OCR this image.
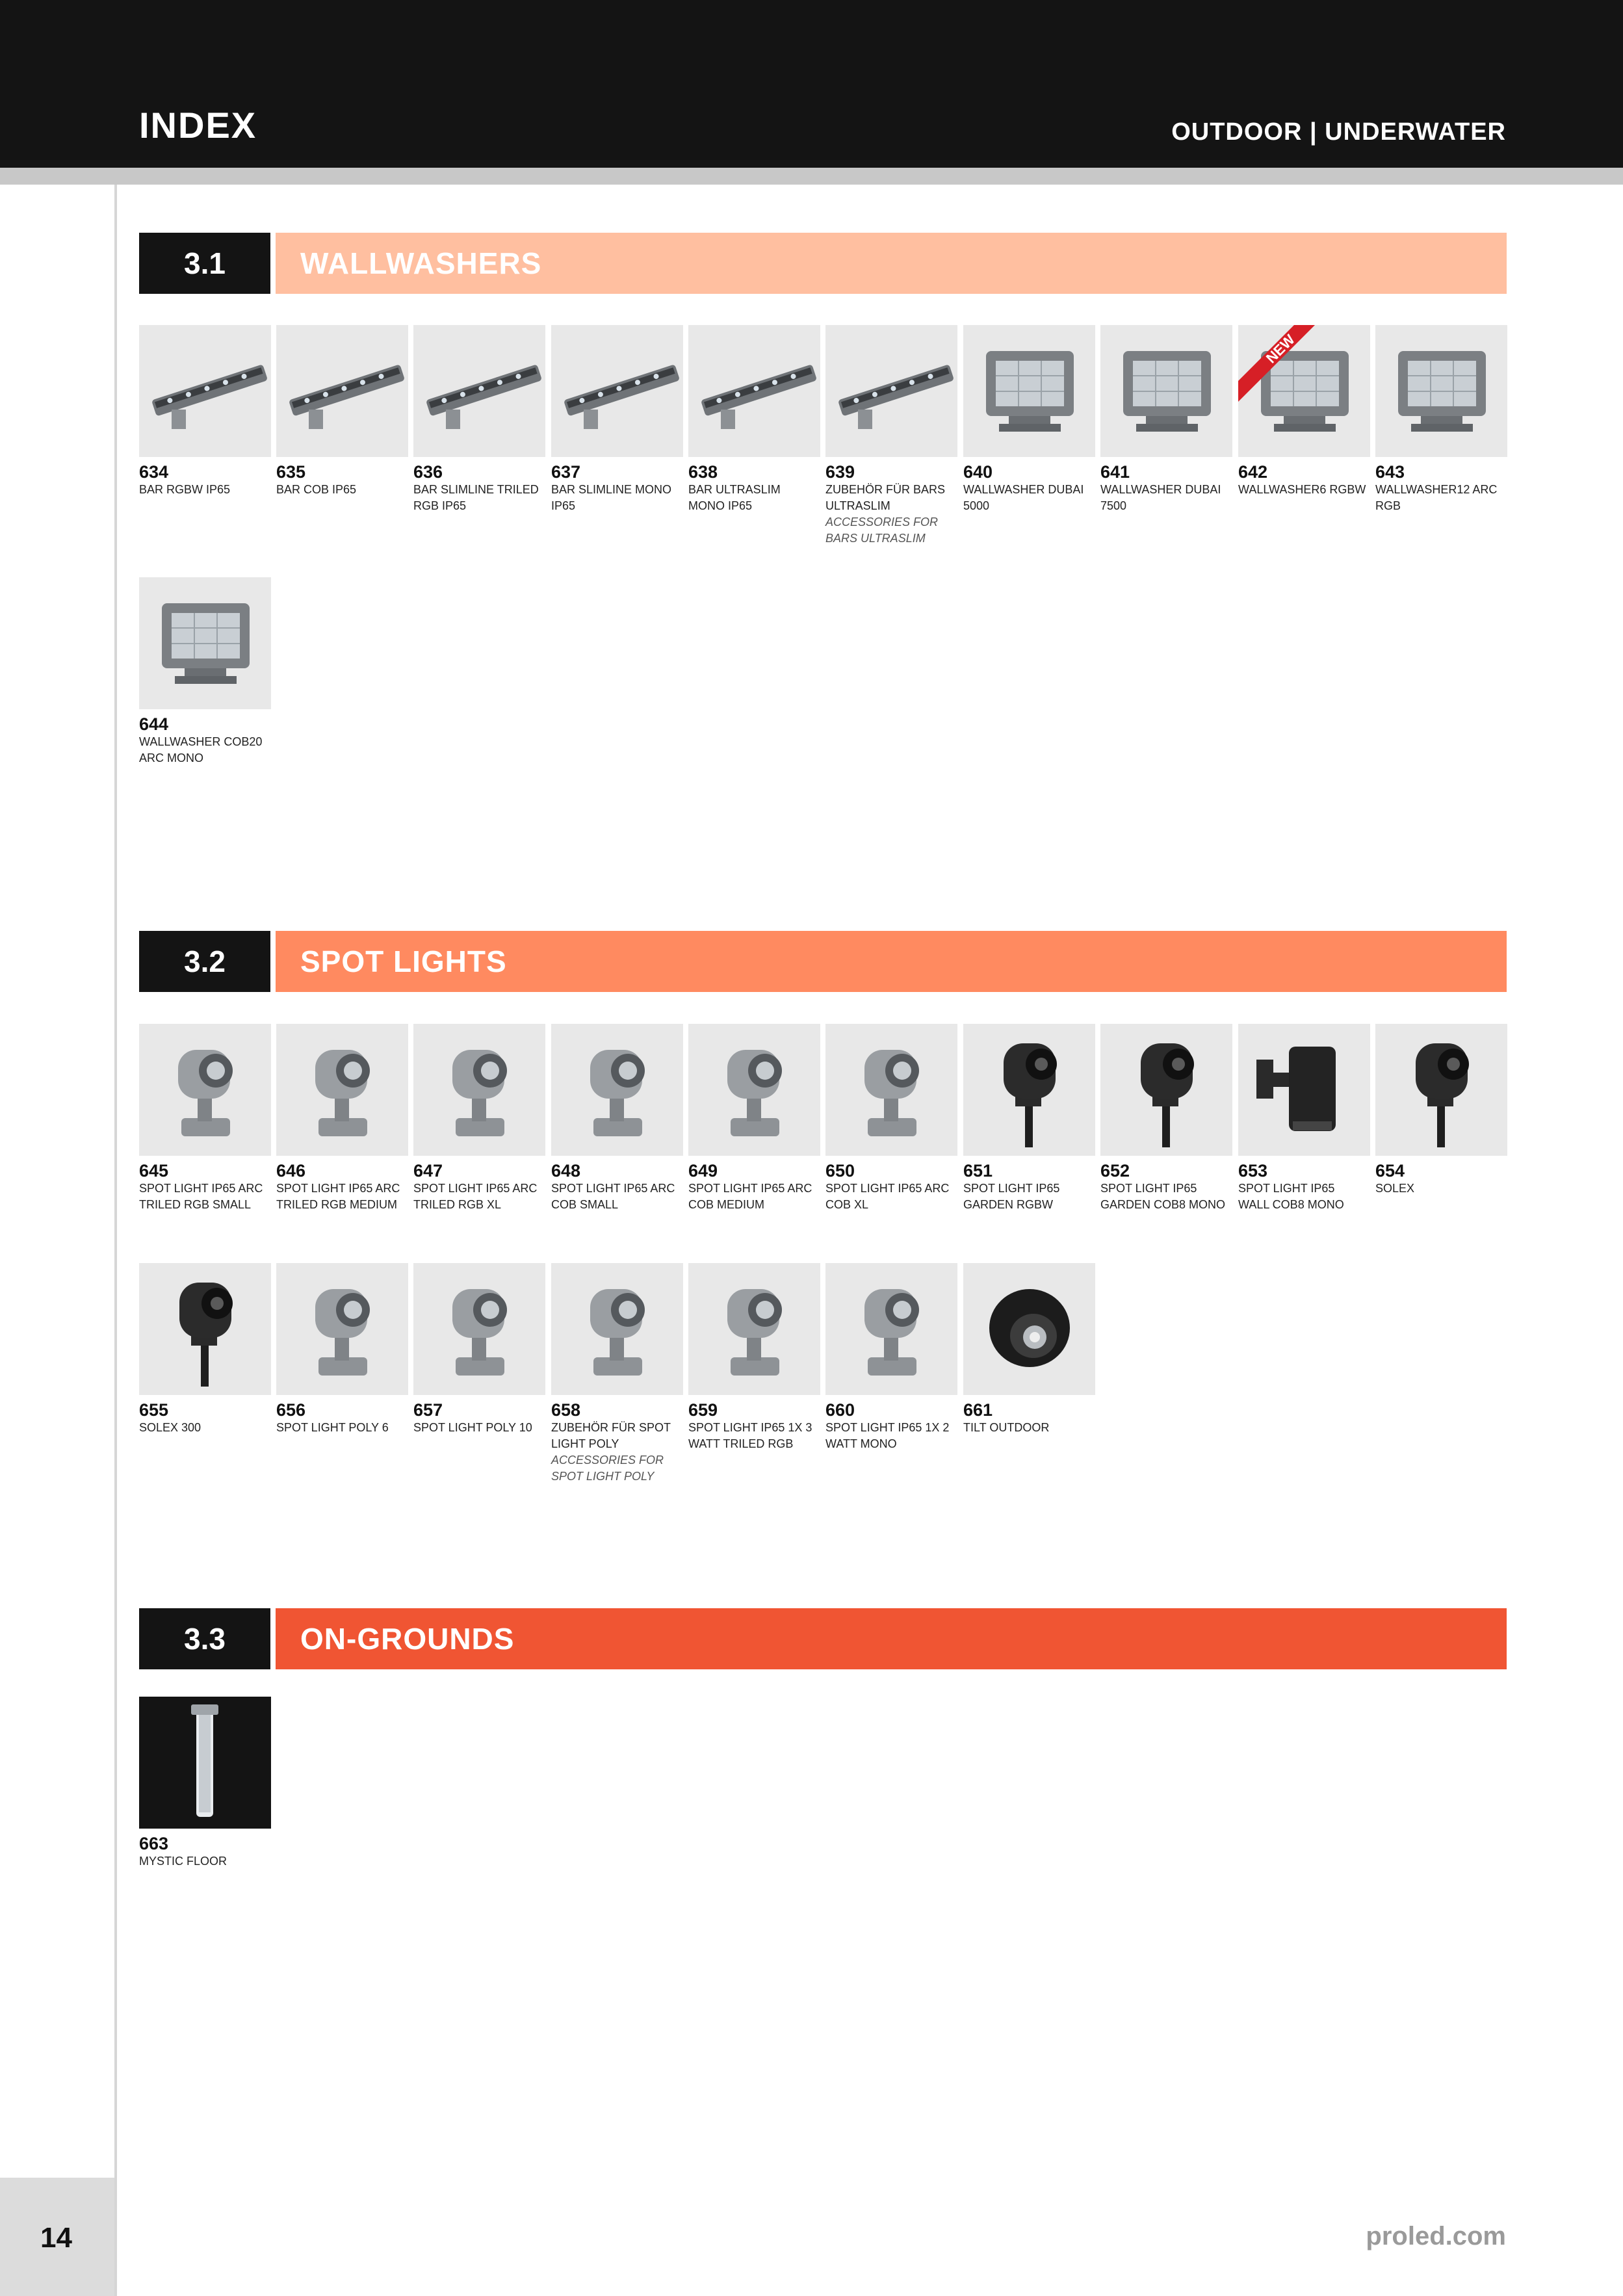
INDEX	OUTDOOR | UNDERWATER
3.1	WALLWASHERS
634
BAR RGBW IP65
635
BAR COB IP65
636
BAR SLIMLINE TRILED RGB IP65
637
BAR SLIMLINE MONO IP65
638
BAR ULTRASLIM MONO IP65
639
ZUBEHÖR FÜR BARS ULTRASLIM
ACCESSORIES FOR BARS ULTRASLIM
640
WALLWASHER DUBAI 5000
641
WALLWASHER DUBAI 7500
NEW
642
WALLWASHER6 RGBW
643
WALLWASHER12 ARC RGB
644
WALLWASHER COB20 ARC MONO
3.2	SPOT LIGHTS
645
SPOT LIGHT IP65 ARC TRILED RGB SMALL
646
SPOT LIGHT IP65 ARC TRILED RGB MEDIUM
647
SPOT LIGHT IP65 ARC TRILED RGB XL
648
SPOT LIGHT IP65 ARC COB SMALL
649
SPOT LIGHT IP65 ARC COB MEDIUM
650
SPOT LIGHT IP65 ARC COB XL
651
SPOT LIGHT IP65 GARDEN RGBW
652
SPOT LIGHT IP65 GARDEN COB8 MONO
653
SPOT LIGHT IP65 WALL COB8 MONO
654
SOLEX
655
SOLEX 300
656
SPOT LIGHT POLY 6
657
SPOT LIGHT POLY 10
658
ZUBEHÖR FÜR SPOT LIGHT POLY
ACCESSORIES FOR SPOT LIGHT POLY
659
SPOT LIGHT IP65 1X 3 WATT TRILED RGB
660
SPOT LIGHT IP65 1X 2 WATT MONO
661
TILT OUTDOOR
3.3	ON-GROUNDS
663
MYSTIC FLOOR
14	proled.com
